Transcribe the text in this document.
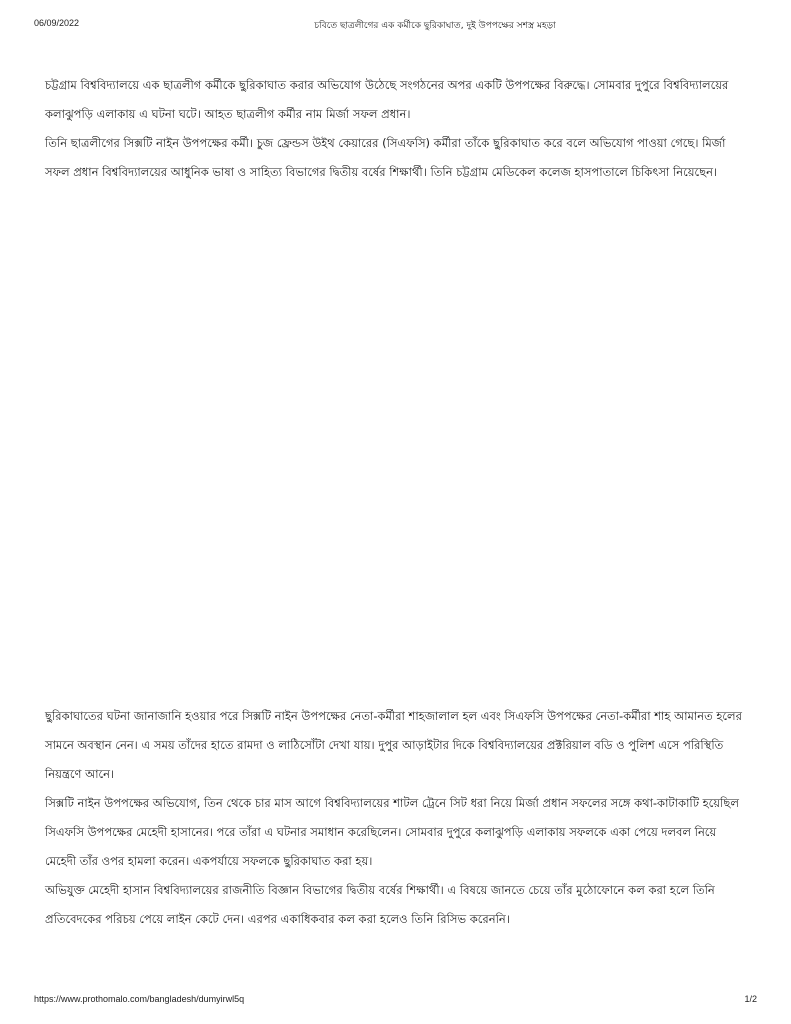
06/09/2022	চবিতে ছাত্রলীগের এক কর্মীকে ছুরিকাঘাত, দুই উপপক্ষের সশস্ত্র মহড়া

চট্টগ্রাম বিশ্ববিদ্যালয়ে এক ছাত্রলীগ কর্মীকে ছুরিকাঘাত করার অভিযোগ উঠেছে সংগঠনের অপর একটি উপপক্ষের বিরুদ্ধে। সোমবার দুপুরে বিশ্ববিদ্যালয়ের কলাঝুপড়ি এলাকায় এ ঘটনা ঘটে। আহত ছাত্রলীগ কর্মীর নাম মির্জা সফল প্রধান।

তিনি ছাত্রলীগের সিক্সটি নাইন উপপক্ষের কর্মী। চুজ ফ্রেন্ডস উইথ কেয়ারের (সিএফসি) কর্মীরা তাঁকে ছুরিকাঘাত করে বলে অভিযোগ পাওয়া গেছে। মির্জা সফল প্রধান বিশ্ববিদ্যালয়ের আধুনিক ভাষা ও সাহিত্য বিভাগের দ্বিতীয় বর্ষের শিক্ষার্থী। তিনি চট্টগ্রাম মেডিকেল কলেজ হাসপাতালে চিকিৎসা নিয়েছেন।

ছুরিকাঘাতের ঘটনা জানাজানি হওয়ার পরে সিক্সটি নাইন উপপক্ষের নেতা-কর্মীরা শাহজালাল হল এবং সিএফসি উপপক্ষের নেতা-কর্মীরা শাহ আমানত হলের সামনে অবস্থান নেন। এ সময় তাঁদের হাতে রামদা ও লাঠিসোঁটা দেখা যায়। দুপুর আড়াইটার দিকে বিশ্ববিদ্যালয়ের প্রক্টরিয়াল বডি ও পুলিশ এসে পরিস্থিতি নিয়ন্ত্রণে আনে।

সিক্সটি নাইন উপপক্ষের অভিযোগ, তিন থেকে চার মাস আগে বিশ্ববিদ্যালয়ের শাটল ট্রেনে সিট ধরা নিয়ে মির্জা প্রধান সফলের সঙ্গে কথা-কাটাকাটি হয়েছিল সিএফসি উপপক্ষের মেহেদী হাসানের। পরে তাঁরা এ ঘটনার সমাধান করেছিলেন। সোমবার দুপুরে কলাঝুপড়ি এলাকায় সফলকে একা পেয়ে দলবল নিয়ে মেহেদী তাঁর ওপর হামলা করেন। একপর্যায়ে সফলকে ছুরিকাঘাত করা হয়।

অভিযুক্ত মেহেদী হাসান বিশ্ববিদ্যালয়ের রাজনীতি বিজ্ঞান বিভাগের দ্বিতীয় বর্ষের শিক্ষার্থী। এ বিষয়ে জানতে চেয়ে তাঁর মুঠোফোনে কল করা হলে তিনি প্রতিবেদকের পরিচয় পেয়ে লাইন কেটে দেন। এরপর একাধিকবার কল করা হলেও তিনি রিসিভ করেননি।

https://www.prothomalo.com/bangladesh/dumyirwl5q	1/2
